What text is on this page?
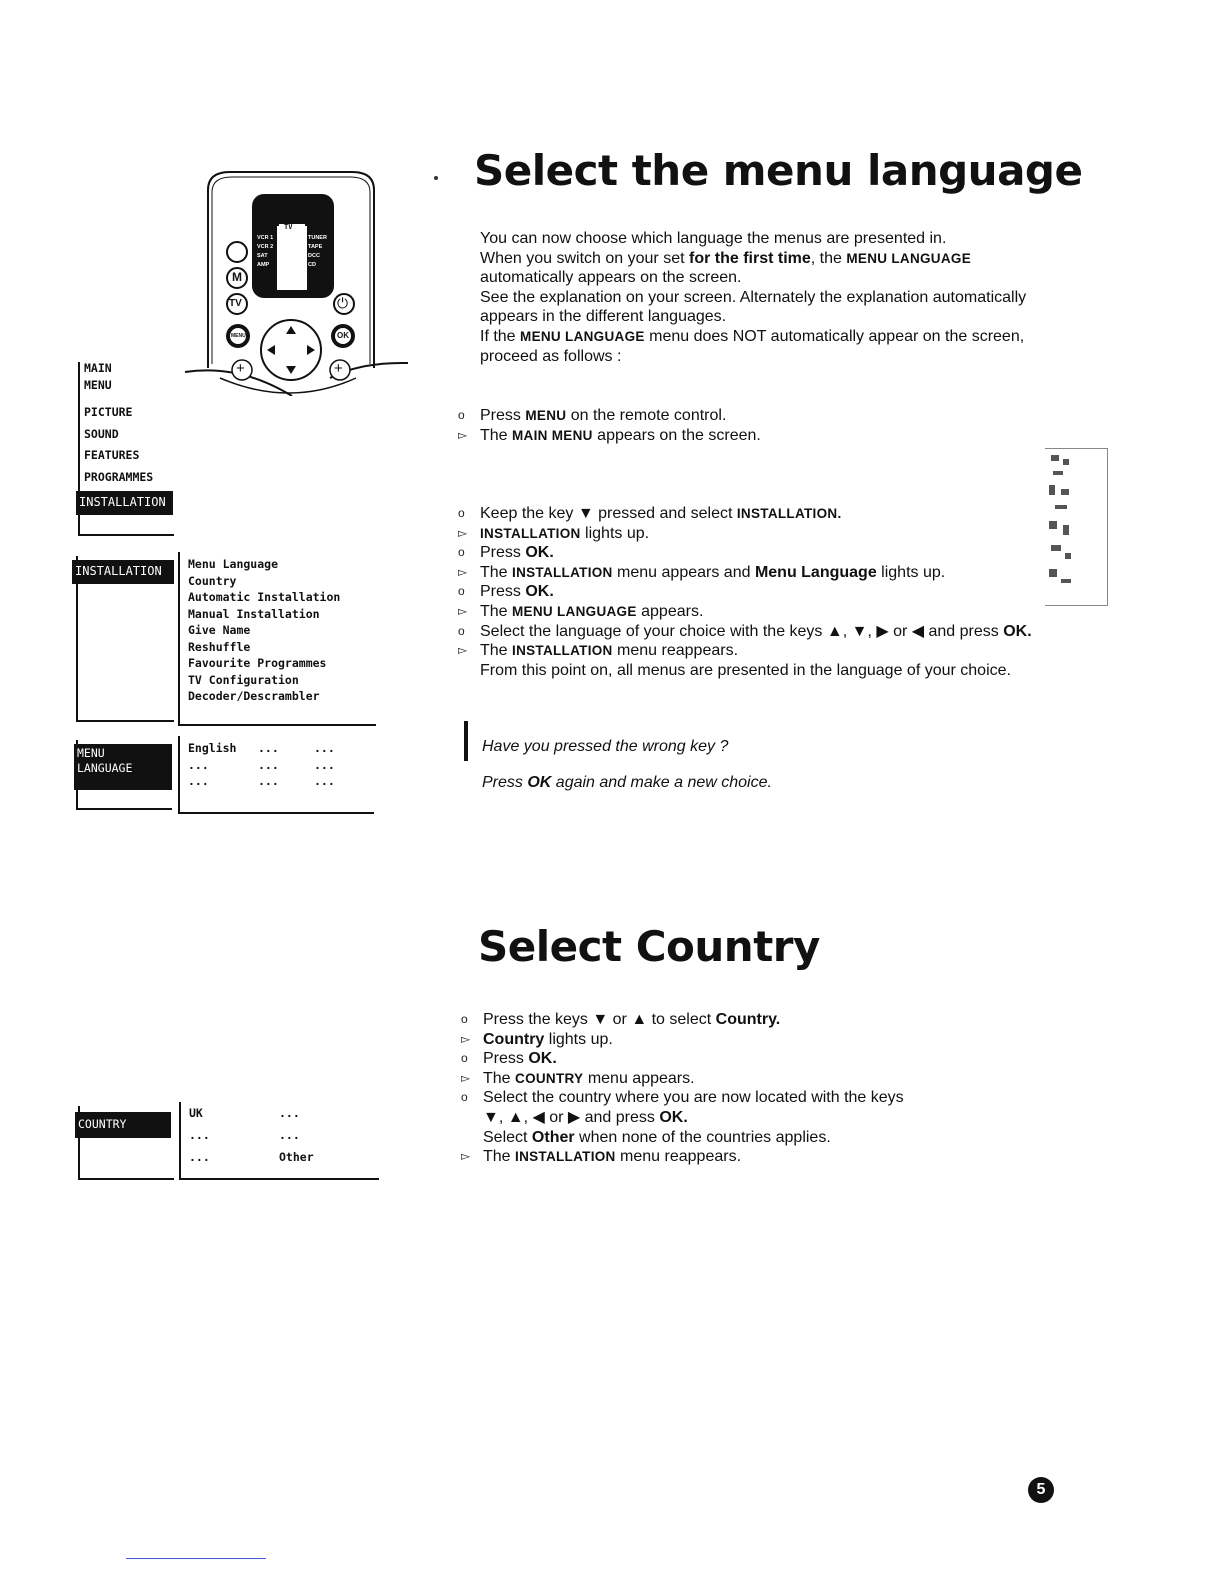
Select the menu language

You can now choose which language the menus are presented in.

When you switch on your set for the first time, the MENU LANGUAGE

automatically appears on the screen.

See the explanation on your screen. Alternately the explanation automatically

appears in the different languages.

If the MENU LANGUAGE menu does NOT automatically appear on the screen,

proceed as follows :

o Press MENU on the remote control.
▻ The MAIN MENU appears on the screen.
o Keep the key ▼ pressed and select INSTALLATION.
▻ INSTALLATION lights up.
o Press OK.
▻ The INSTALLATION menu appears and Menu Language lights up.
o Press OK.
▻ The MENU LANGUAGE appears.
o Select the language of your choice with the keys ▲, ▼, ▶ or ◀ and press OK.
▻ The INSTALLATION menu reappears.
From this point on, all menus are presented in the language of your choice.

Have you pressed the wrong key ?

Press OK again and make a new choice.

Select Country
o Press the keys ▼ or ▲ to select Country.
▻ Country lights up.
o Press OK.
▻ The COUNTRY menu appears.
o Select the country where you are now located with the keys
▼, ▲, ◀ or ▶ and press OK.
Select Other when none of the countries applies.
▻ The INSTALLATION menu reappears.
TV
VCR 1
VCR 2
SAT
AMP
TUNER
TAPE
DCC
CD
M
TV	⏻
MENU	OK
+	+
MAIN
MENU
PICTURE
SOUND
FEATURES
PROGRAMMES
INSTALLATION
INSTALLATION	Menu Language
Country
Automatic Installation
Manual Installation
Give Name
Reshuffle
Favourite Programmes
TV Configuration
Decoder/Descrambler
MENU
LANGUAGE
English	...	...
...	...	...
...	...	...
COUNTRY
UK	...
...	...
...	Other
5
